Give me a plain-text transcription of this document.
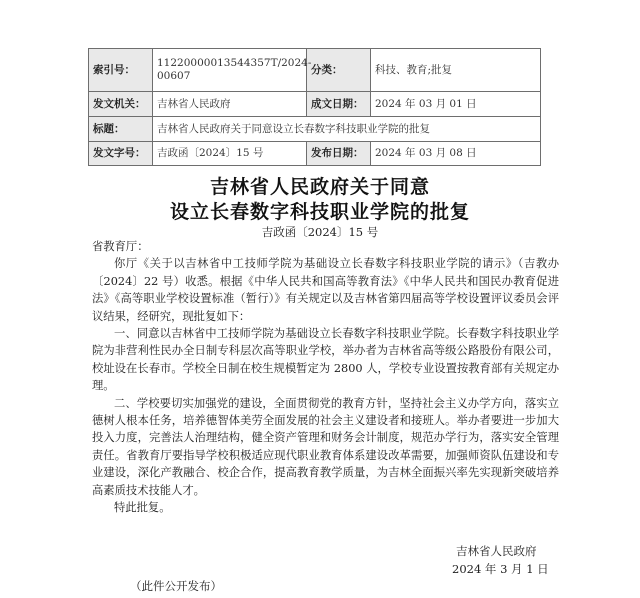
索引号：	11220000013544357T/2024-00607	分类：	科技、教育;批复
发文机关：	吉林省人民政府	成文日期：	2024 年 03 月 01 日
标题：	吉林省人民政府关于同意设立长春数字科技职业学院的批复		
发文字号：	吉政函〔2024〕15 号	发布日期：	2024 年 03 月 08 日
吉林省人民政府关于同意
设立长春数字科技职业学院的批复
吉政函〔2024〕15 号

省教育厅：

你厅《关于以吉林省中工技师学院为基础设立长春数字科技职业学院的请示》（吉教办〔2024〕22 号）收悉。根据《中华人民共和国高等教育法》《中华人民共和国民办教育促进法》《高等职业学校设置标准（暂行）》有关规定以及吉林省第四届高等学校设置评议委员会评议结果，经研究，现批复如下：

一、同意以吉林省中工技师学院为基础设立长春数字科技职业学院。长春数字科技职业学院为非营利性民办全日制专科层次高等职业学校，举办者为吉林省高等级公路股份有限公司，校址设在长春市。学校全日制在校生规模暂定为 2800 人，学校专业设置按教育部有关规定办理。

二、学校要切实加强党的建设，全面贯彻党的教育方针，坚持社会主义办学方向，落实立德树人根本任务，培养德智体美劳全面发展的社会主义建设者和接班人。举办者要进一步加大投入力度，完善法人治理结构，健全资产管理和财务会计制度，规范办学行为，落实安全管理责任。省教育厅要指导学校积极适应现代职业教育体系建设改革需要，加强师资队伍建设和专业建设，深化产教融合、校企合作，提高教育教学质量，为吉林全面振兴率先实现新突破培养高素质技术技能人才。

特此批复。

吉林省人民政府
2024 年 3 月 1 日
（此件公开发布）
